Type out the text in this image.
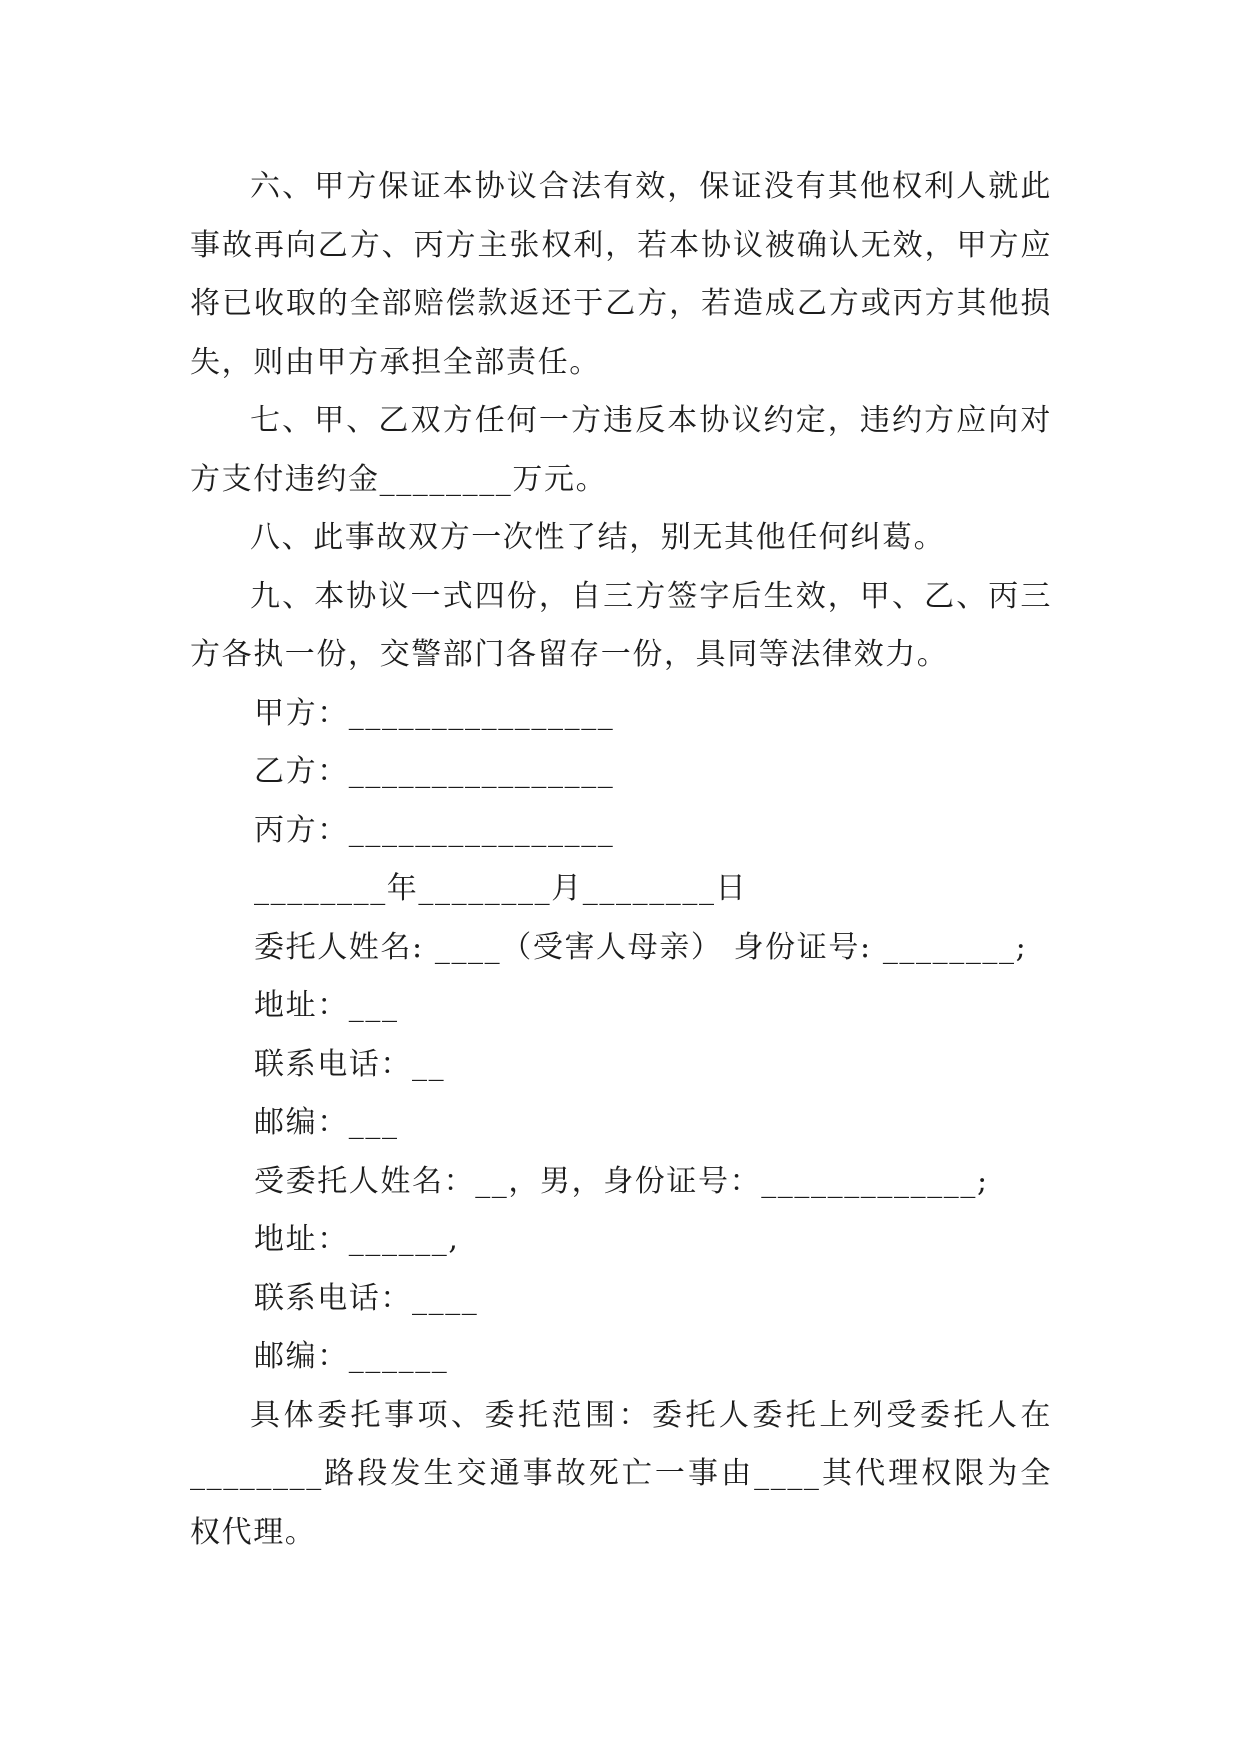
六、甲方保证本协议合法有效，保证没有其他权利人就此事故再向乙方、丙方主张权利，若本协议被确认无效，甲方应将已收取的全部赔偿款返还于乙方，若造成乙方或丙方其他损失，则由甲方承担全部责任。

七、甲、乙双方任何一方违反本协议约定，违约方应向对方支付违约金________万元。

八、此事故双方一次性了结，别无其他任何纠葛。

九、本协议一式四份，自三方签字后生效，甲、乙、丙三方各执一份，交警部门各留存一份，具同等法律效力。

甲方：________________

乙方：________________

丙方：________________

________年________月________日

委托人姓名: ____（受害人母亲） 身份证号: ________;

地址：___

联系电话：__

邮编：___

受委托人姓名：__，男，身份证号：_____________;

地址：______,

联系电话：____

邮编：______

具体委托事项、委托范围：委托人委托上列受委托人在________路段发生交通事故死亡一事由____其代理权限为全权代理。
